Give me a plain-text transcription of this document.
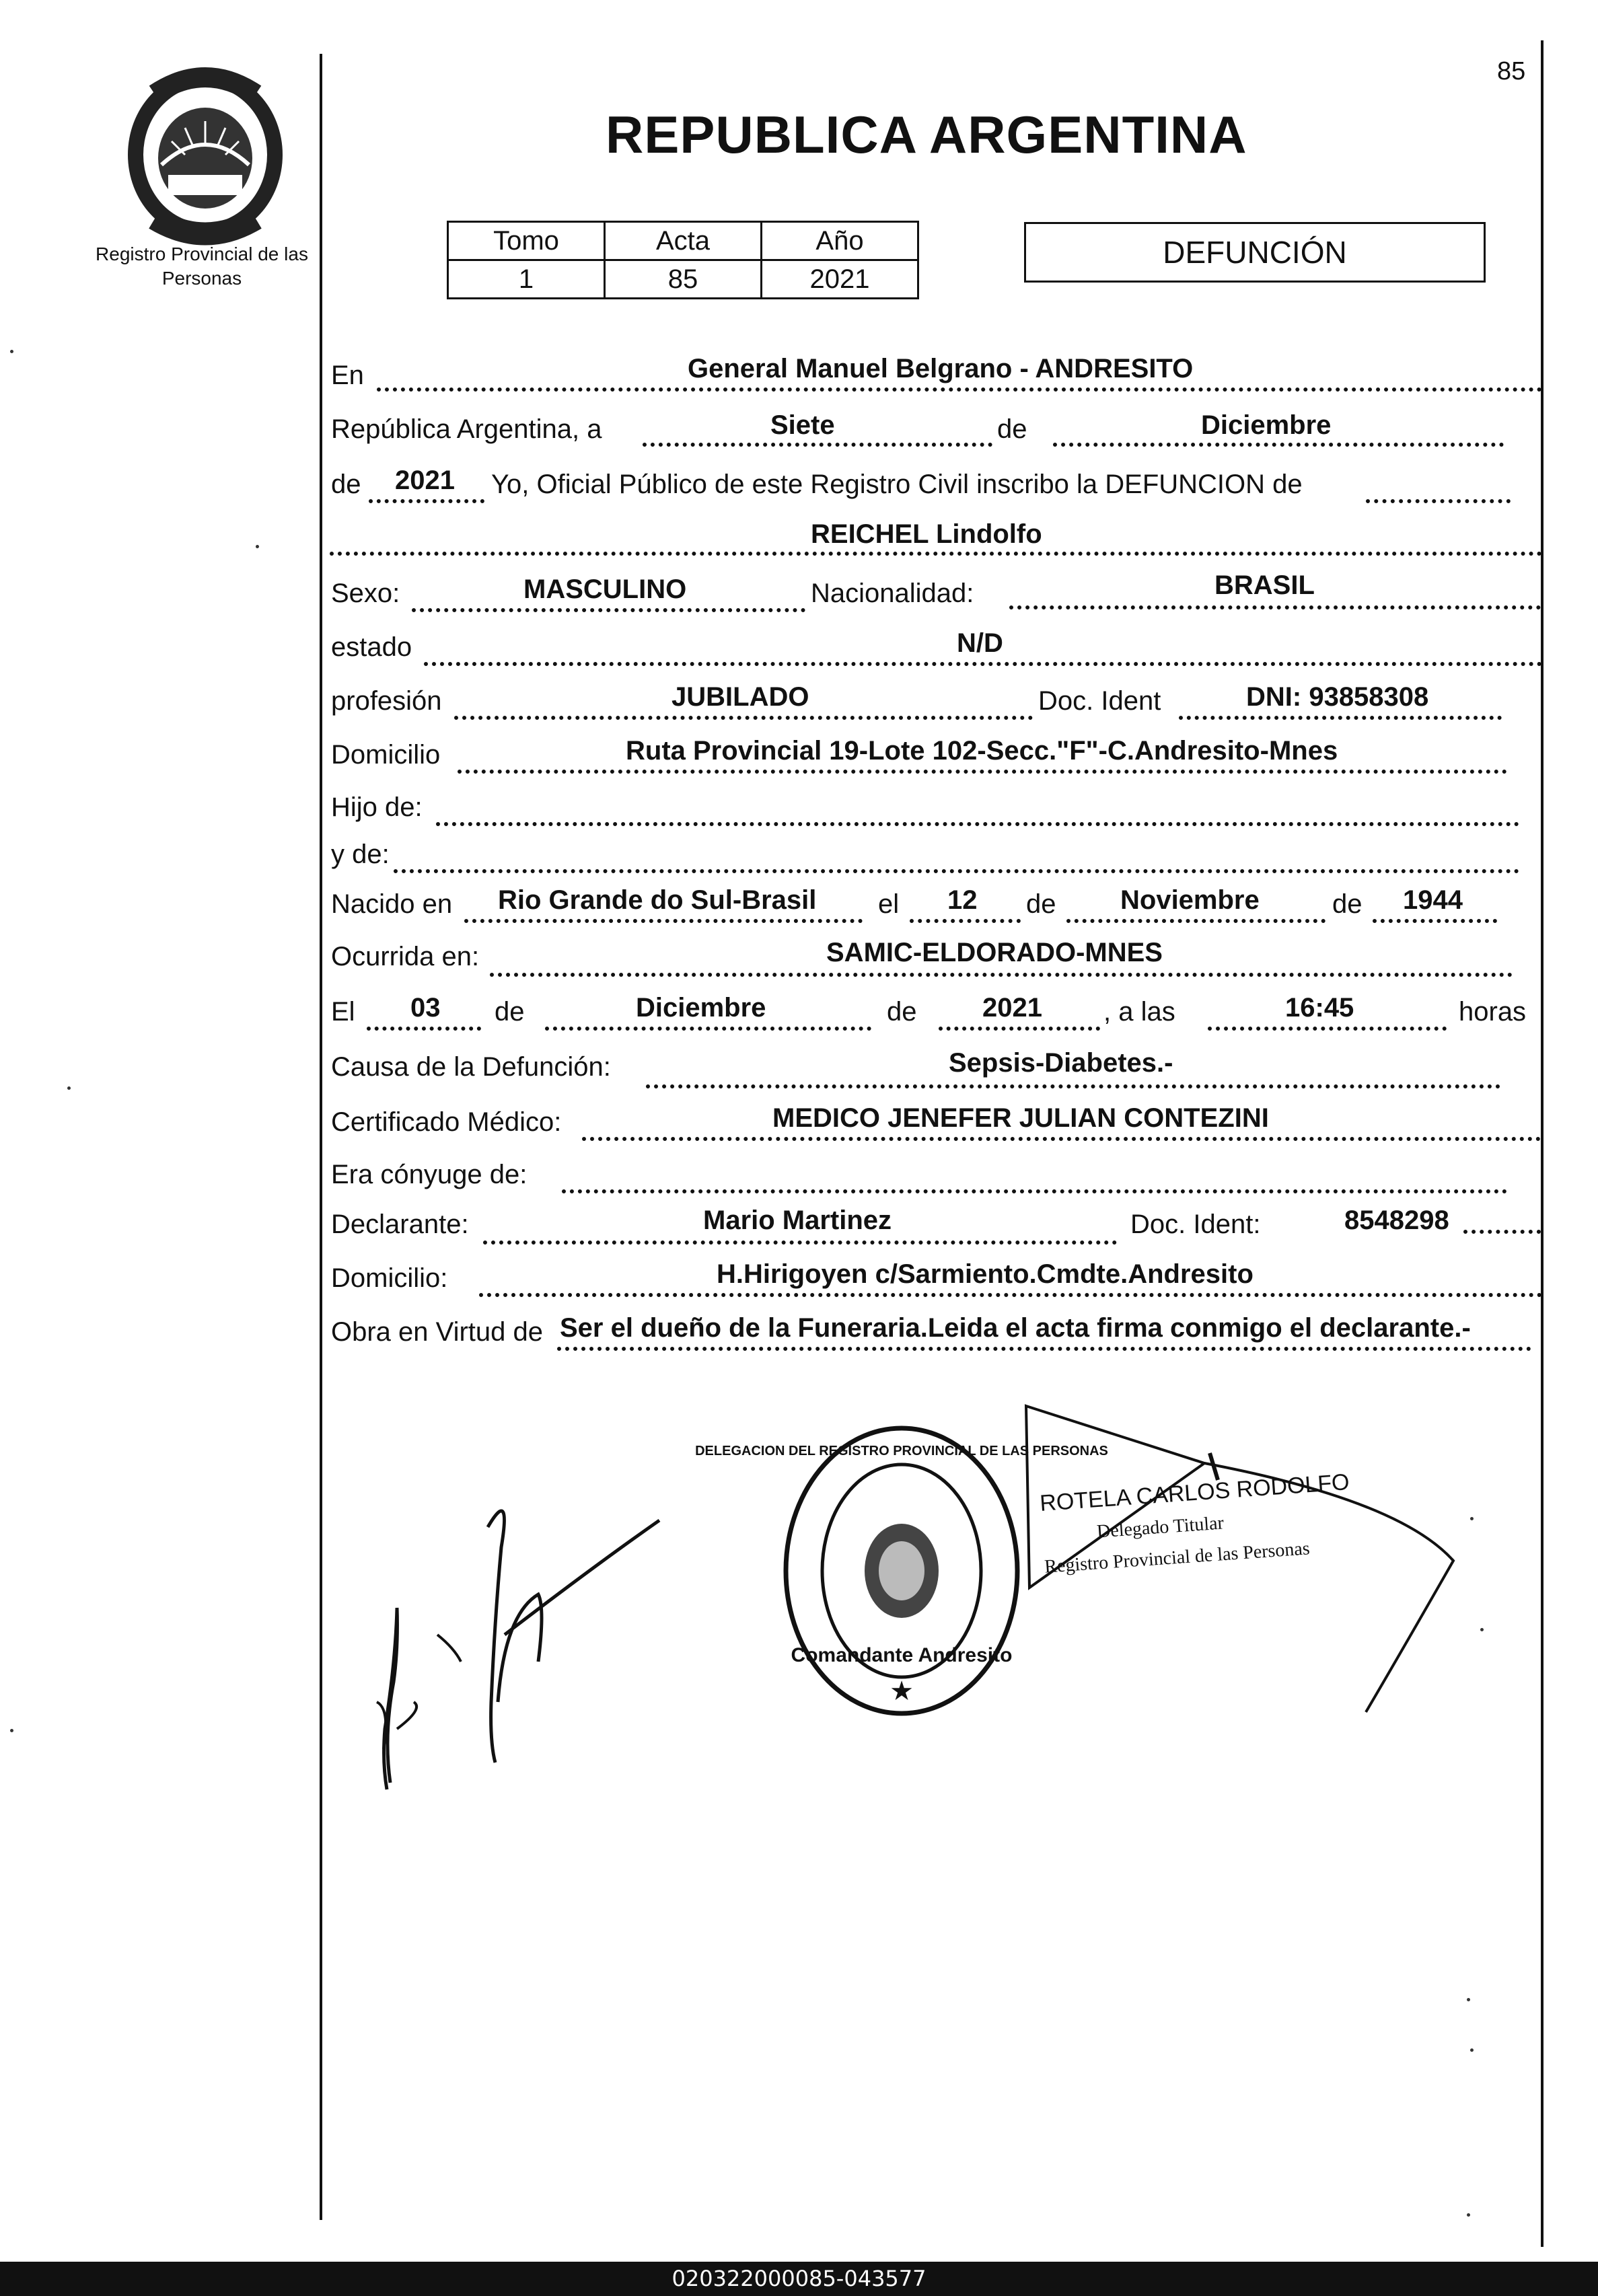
Registro Provincial de las Personas
85
REPUBLICA ARGENTINA
Tomo	Acta	Año
1	85	2021
DEFUNCIÓN
En	General Manuel Belgrano - ANDRESITO
República Argentina, a	Siete	de	Diciembre
de 2021 Yo, Oficial Público de este Registro Civil inscribo la DEFUNCION de
REICHEL Lindolfo
Sexo:	MASCULINO	Nacionalidad:	BRASIL
estado	N/D
profesión	JUBILADO	Doc. Ident	DNI: 93858308
Domicilio	Ruta Provincial 19-Lote 102-Secc."F"-C.Andresito-Mnes
Hijo de:
y de:
Nacido en Rio Grande do Sul-Brasil el 12 de Noviembre	de 1944
Ocurrida en:	SAMIC-ELDORADO-MNES
El 03 de	Diciembre	de 2021 , a las	16:45	horas
Causa de la Defunción:	Sepsis-Diabetes.-
Certificado Médico:	MEDICO JENEFER JULIAN CONTEZINI
Era cónyuge de:
Declarante:	Mario Martinez	Doc. Ident:	8548298
Domicilio:	H.Hirigoyen c/Sarmiento.Cmdte.Andresito
Obra en Virtud de Ser el dueño de la Funeraria.Leida el acta firma conmigo el declarante.-
Comandante Andresito
★
DELEGACION DEL REGISTRO PROVINCIAL DE LAS PERSONAS
ROTELA CARLOS RODOLFO
Delegado Titular
Registro Provincial de las Personas
020322000085-043577
